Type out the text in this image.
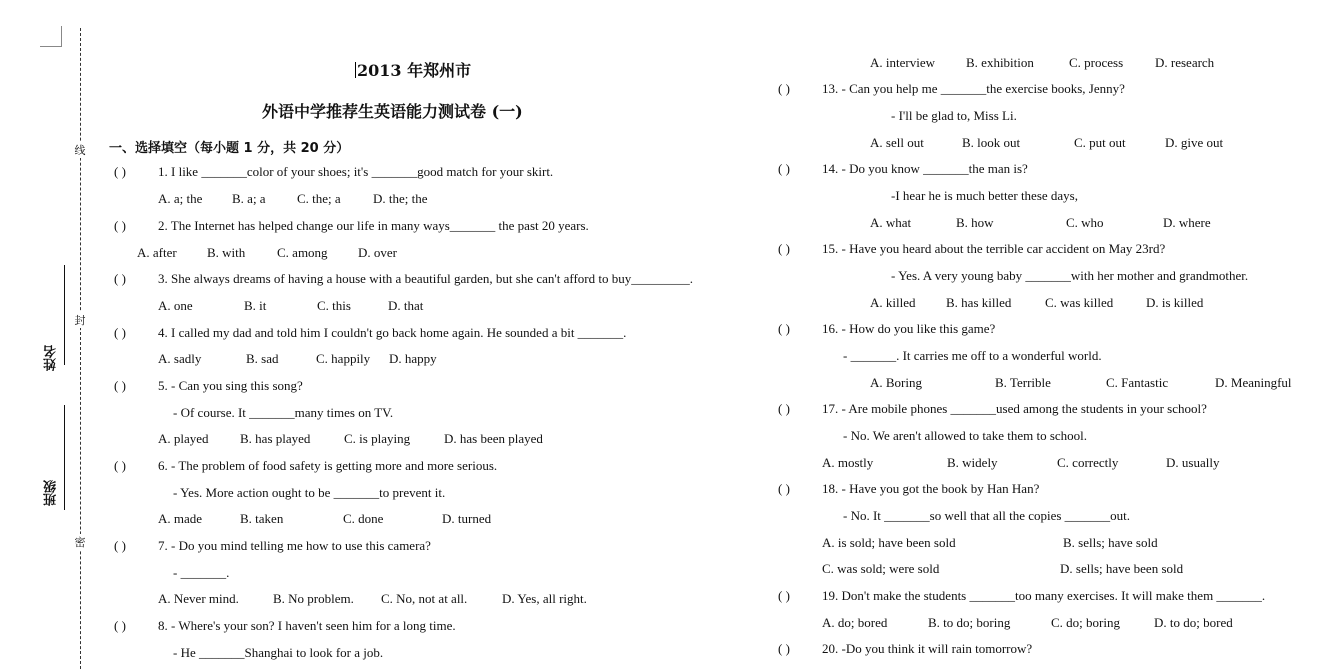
线
封
密
姓名
班级
2013 年郑州市
外语中学推荐生英语能力测试卷 (一)
一、选择填空（每小题 1 分，共 20 分）
( ) 1. I like _______color of your shoes; it's _______good match for your skirt.
A. a; the B. a; a C. the; a D. the; the
( ) 2. The Internet has helped change our life in many ways_______ the past 20 years.
A. after B. with C. among D. over
( ) 3. She always dreams of having a house with a beautiful garden, but she can't afford to buy_________.
A. one	B. it	C. this	D. that
( ) 4. I called my dad and told him I couldn't go back home again. He sounded a bit _______.
A. sadly	B. sad	C. happily D. happy
( ) 5. - Can you sing this song?
- Of course. It _______many times on TV.
A. played B. has played	C. is playing	D. has been played
( ) 6. - The problem of food safety is getting more and more serious.
- Yes. More action ought to be _______to prevent it.
A. made	B. taken	C. done	D. turned
( ) 7. - Do you mind telling me how to use this camera?
- _______.
A. Never mind.	B. No problem. C. No, not at all.	D. Yes, all right.
( ) 8. - Where's your son? I haven't seen him for a long time.
- He _______Shanghai to look for a job.
A. interview B. exhibition	C. process D. research
( ) 13. - Can you help me _______the exercise books, Jenny?
- I'll be glad to, Miss Li.
A. sell out	B. look out	C. put out	D. give out
( ) 14. - Do you know _______the man is?
-I hear he is much better these days,
A. what	B. how	C. who	D. where
( ) 15. - Have you heard about the terrible car accident on May 23rd?
- Yes. A very young baby _______with her mother and grandmother.
A. killed B. has killed	C. was killed	D. is killed
( ) 16. - How do you like this game?
- _______. It carries me off to a wonderful world.
A. Boring	B. Terrible	C. Fantastic	D. Meaningful
( ) 17. - Are mobile phones _______used among the students in your school?
- No. We aren't allowed to take them to school.
A. mostly	B. widely	C. correctly	D. usually
( ) 18. - Have you got the book by Han Han?
- No. It _______so well that all the copies _______out.
A. is sold; have been sold	B. sells; have sold
C. was sold; were sold	D. sells; have been sold
( ) 19. Don't make the students _______too many exercises. It will make them _______.
A. do; bored	B. to do; boring	C. do; boring	D. to do; bored
( ) 20. -Do you think it will rain tomorrow?
